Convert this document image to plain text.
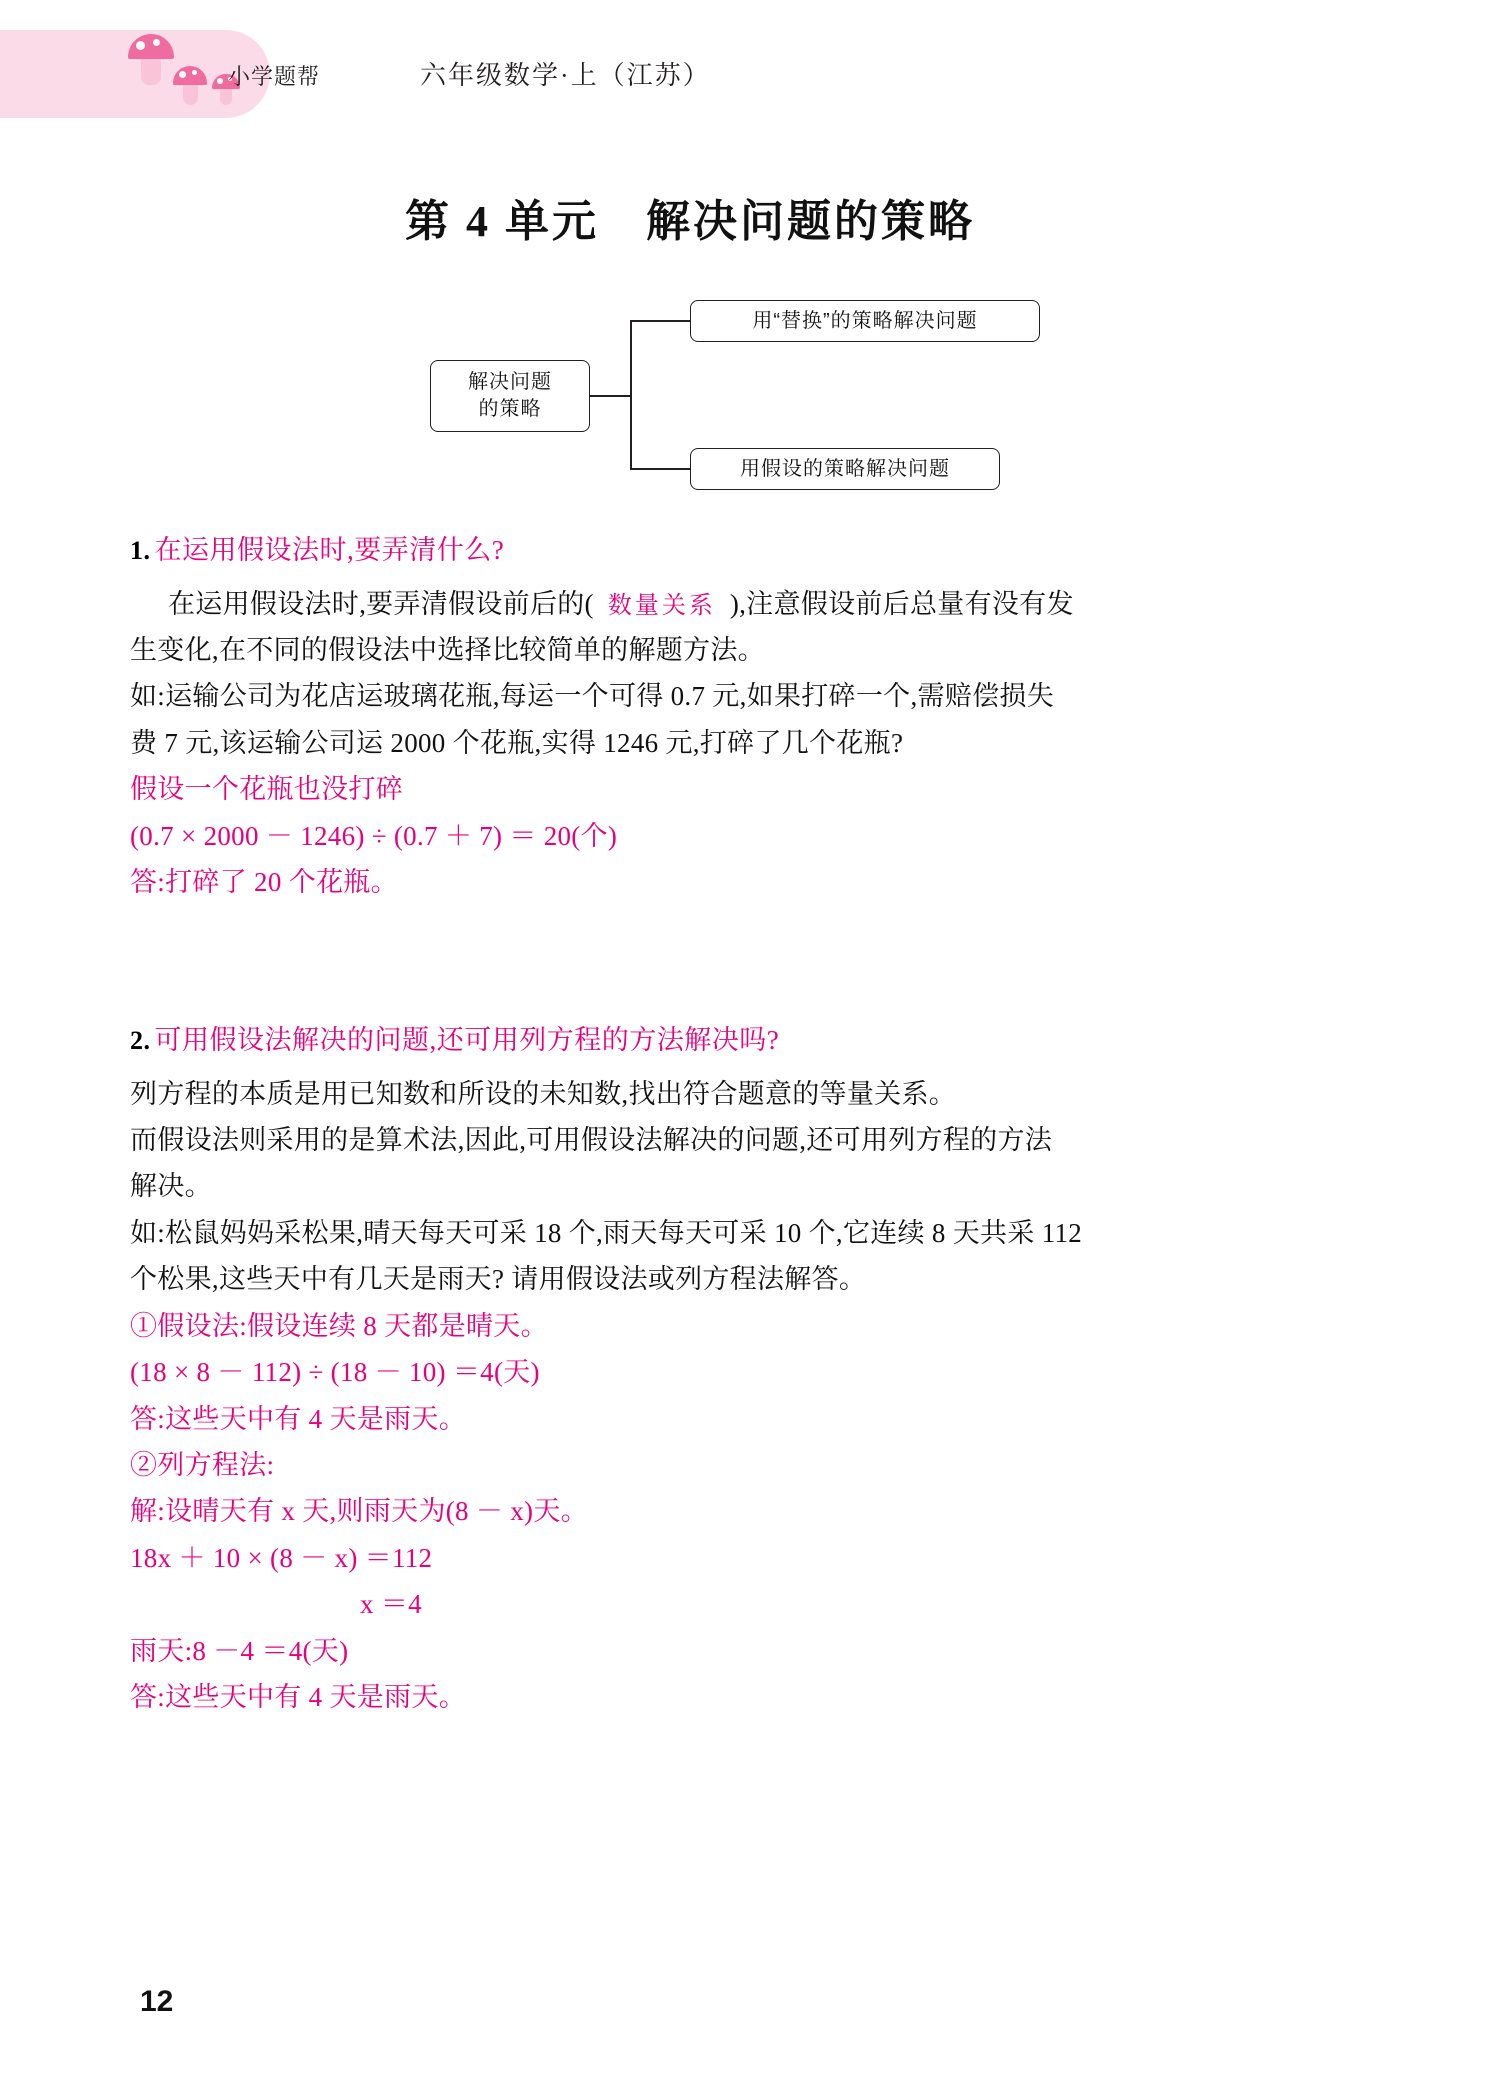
小学题帮	六年级数学·上（江苏）
第 4 单元　解决问题的策略
解决问题
的策略
用“替换”的策略解决问题
用假设的策略解决问题
1. 在运用假设法时,要弄清什么?
在运用假设法时,要弄清假设前后的( 数量关系 ),注意假设前后总量有没有发
生变化,在不同的假设法中选择比较简单的解题方法。
如:运输公司为花店运玻璃花瓶,每运一个可得 0.7 元,如果打碎一个,需赔偿损失
费 7 元,该运输公司运 2000 个花瓶,实得 1246 元,打碎了几个花瓶?
假设一个花瓶也没打碎
(0.7 × 2000 － 1246) ÷ (0.7 ＋ 7) ＝ 20(个)
答:打碎了 20 个花瓶。
2. 可用假设法解决的问题,还可用列方程的方法解决吗?
列方程的本质是用已知数和所设的未知数,找出符合题意的等量关系。
而假设法则采用的是算术法,因此,可用假设法解决的问题,还可用列方程的方法
解决。
如:松鼠妈妈采松果,晴天每天可采 18 个,雨天每天可采 10 个,它连续 8 天共采 112
个松果,这些天中有几天是雨天? 请用假设法或列方程法解答。
①假设法:假设连续 8 天都是晴天。
(18 × 8 － 112) ÷ (18 － 10) ＝4(天)
答:这些天中有 4 天是雨天。
②列方程法:
解:设晴天有 x 天,则雨天为(8 － x)天。
18x ＋ 10 × (8 － x) ＝112
x ＝4
雨天:8 －4 ＝4(天)
答:这些天中有 4 天是雨天。
12
